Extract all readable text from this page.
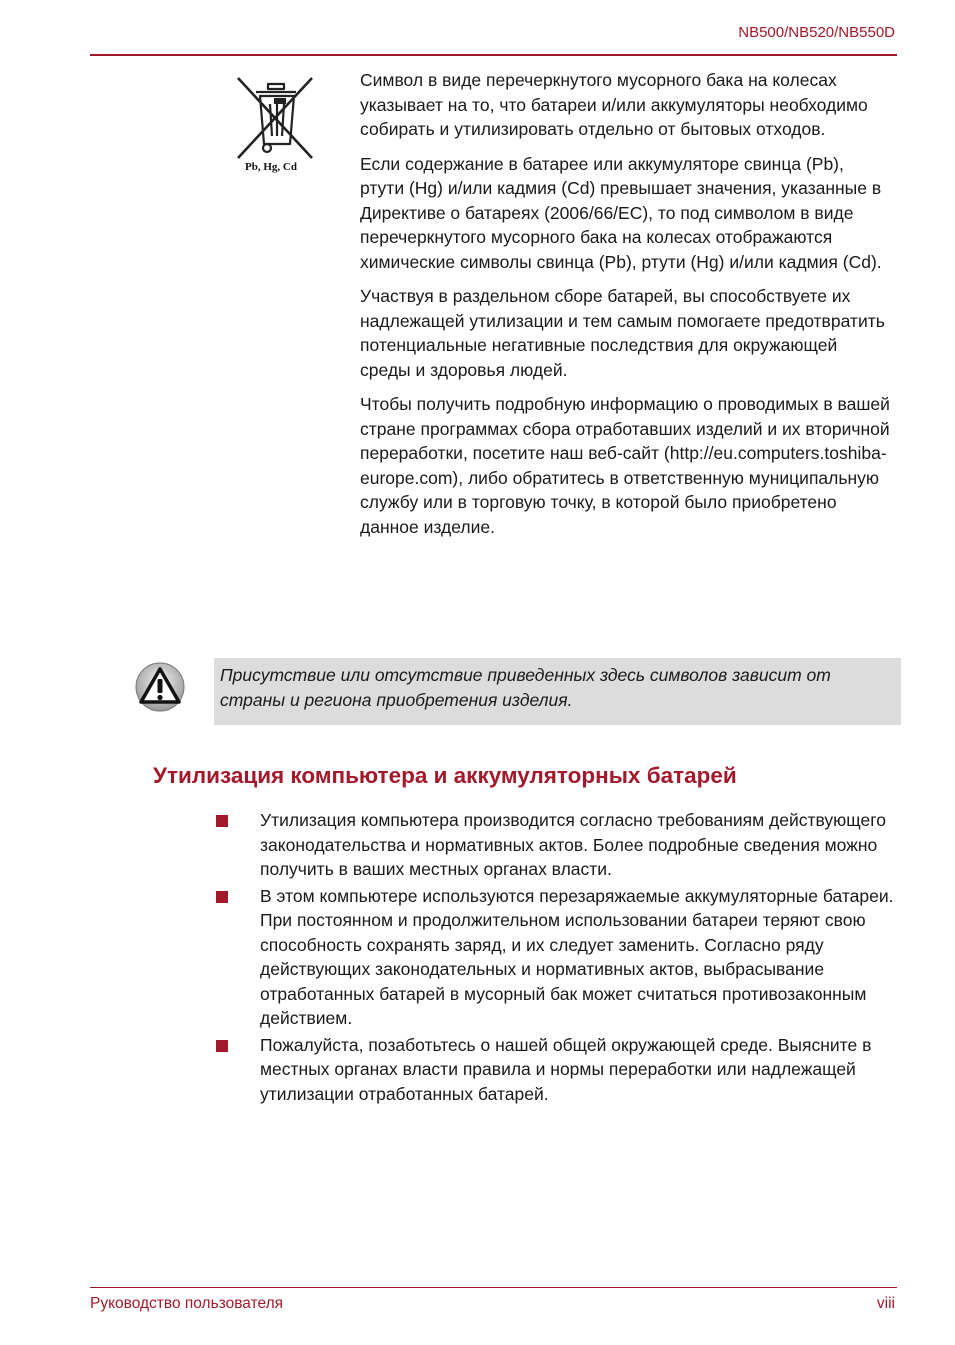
NB500/NB520/NB550D
Pb, Hg, Cd

Символ в виде перечеркнутого мусорного бака на колесах указывает на то, что батареи и/или аккумуляторы необходимо собирать и утилизировать отдельно от бытовых отходов.

Если содержание в батарее или аккумуляторе свинца (Pb), ртути (Hg) и/или кадмия (Cd) превышает значения, указанные в Директиве о батареях (2006/66/ЕС), то под символом в виде перечеркнутого мусорного бака на колесах отображаются химические символы свинца (Pb), ртути (Hg) и/или кадмия (Cd).

Участвуя в раздельном сборе батарей, вы способствуете их надлежащей утилизации и тем самым помогаете предотвратить потенциальные негативные последствия для окружающей среды и здоровья людей.

Чтобы получить подробную информацию о проводимых в вашей стране программах сбора отработавших изделий и их вторичной переработки, посетите наш веб-сайт (http://eu.computers.toshiba-europe.com), либо обратитесь в ответственную муниципальную службу или в торговую точку, в которой было приобретено данное изделие.

Присутствие или отсутствие приведенных здесь символов зависит от страны и региона приобретения изделия.
Утилизация компьютера и аккумуляторных батарей
Утилизация компьютера производится согласно требованиям действующего законодательства и нормативных актов. Более подробные сведения можно получить в ваших местных органах власти.
В этом компьютере используются перезаряжаемые аккумуляторные батареи. При постоянном и продолжительном использовании батареи теряют свою способность сохранять заряд, и их следует заменить. Согласно ряду действующих законодательных и нормативных актов, выбрасывание отработанных батарей в мусорный бак может считаться противозаконным действием.
Пожалуйста, позаботьтесь о нашей общей окружающей среде. Выясните в местных органах власти правила и нормы переработки или надлежащей утилизации отработанных батарей.
Руководство пользователя	viii
